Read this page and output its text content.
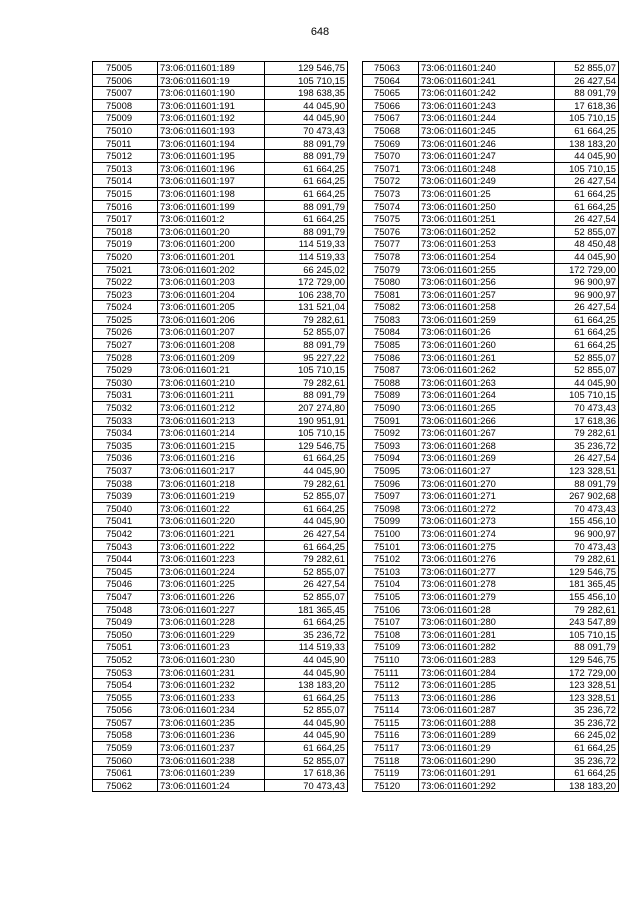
648
75005	73:06:011601:189	129 546,75
75006	73:06:011601:19	105 710,15
75007	73:06:011601:190	198 638,35
75008	73:06:011601:191	44 045,90
75009	73:06:011601:192	44 045,90
75010	73:06:011601:193	70 473,43
75011	73:06:011601:194	88 091,79
75012	73:06:011601:195	88 091,79
75013	73:06:011601:196	61 664,25
75014	73:06:011601:197	61 664,25
75015	73:06:011601:198	61 664,25
75016	73:06:011601:199	88 091,79
75017	73:06:011601:2	61 664,25
75018	73:06:011601:20	88 091,79
75019	73:06:011601:200	114 519,33
75020	73:06:011601:201	114 519,33
75021	73:06:011601:202	66 245,02
75022	73:06:011601:203	172 729,00
75023	73:06:011601:204	106 238,70
75024	73:06:011601:205	131 521,04
75025	73:06:011601:206	79 282,61
75026	73:06:011601:207	52 855,07
75027	73:06:011601:208	88 091,79
75028	73:06:011601:209	95 227,22
75029	73:06:011601:21	105 710,15
75030	73:06:011601:210	79 282,61
75031	73:06:011601:211	88 091,79
75032	73:06:011601:212	207 274,80
75033	73:06:011601:213	190 951,91
75034	73:06:011601:214	105 710,15
75035	73:06:011601:215	129 546,75
75036	73:06:011601:216	61 664,25
75037	73:06:011601:217	44 045,90
75038	73:06:011601:218	79 282,61
75039	73:06:011601:219	52 855,07
75040	73:06:011601:22	61 664,25
75041	73:06:011601:220	44 045,90
75042	73:06:011601:221	26 427,54
75043	73:06:011601:222	61 664,25
75044	73:06:011601:223	79 282,61
75045	73:06:011601:224	52 855,07
75046	73:06:011601:225	26 427,54
75047	73:06:011601:226	52 855,07
75048	73:06:011601:227	181 365,45
75049	73:06:011601:228	61 664,25
75050	73:06:011601:229	35 236,72
75051	73:06:011601:23	114 519,33
75052	73:06:011601:230	44 045,90
75053	73:06:011601:231	44 045,90
75054	73:06:011601:232	138 183,20
75055	73:06:011601:233	61 664,25
75056	73:06:011601:234	52 855,07
75057	73:06:011601:235	44 045,90
75058	73:06:011601:236	44 045,90
75059	73:06:011601:237	61 664,25
75060	73:06:011601:238	52 855,07
75061	73:06:011601:239	17 618,36
75062	73:06:011601:24	70 473,43
75063	73:06:011601:240	52 855,07
75064	73:06:011601:241	26 427,54
75065	73:06:011601:242	88 091,79
75066	73:06:011601:243	17 618,36
75067	73:06:011601:244	105 710,15
75068	73:06:011601:245	61 664,25
75069	73:06:011601:246	138 183,20
75070	73:06:011601:247	44 045,90
75071	73:06:011601:248	105 710,15
75072	73:06:011601:249	26 427,54
75073	73:06:011601:25	61 664,25
75074	73:06:011601:250	61 664,25
75075	73:06:011601:251	26 427,54
75076	73:06:011601:252	52 855,07
75077	73:06:011601:253	48 450,48
75078	73:06:011601:254	44 045,90
75079	73:06:011601:255	172 729,00
75080	73:06:011601:256	96 900,97
75081	73:06:011601:257	96 900,97
75082	73:06:011601:258	26 427,54
75083	73:06:011601:259	61 664,25
75084	73:06:011601:26	61 664,25
75085	73:06:011601:260	61 664,25
75086	73:06:011601:261	52 855,07
75087	73:06:011601:262	52 855,07
75088	73:06:011601:263	44 045,90
75089	73:06:011601:264	105 710,15
75090	73:06:011601:265	70 473,43
75091	73:06:011601:266	17 618,36
75092	73:06:011601:267	79 282,61
75093	73:06:011601:268	35 236,72
75094	73:06:011601:269	26 427,54
75095	73:06:011601:27	123 328,51
75096	73:06:011601:270	88 091,79
75097	73:06:011601:271	267 902,68
75098	73:06:011601:272	70 473,43
75099	73:06:011601:273	155 456,10
75100	73:06:011601:274	96 900,97
75101	73:06:011601:275	70 473,43
75102	73:06:011601:276	79 282,61
75103	73:06:011601:277	129 546,75
75104	73:06:011601:278	181 365,45
75105	73:06:011601:279	155 456,10
75106	73:06:011601:28	79 282,61
75107	73:06:011601:280	243 547,89
75108	73:06:011601:281	105 710,15
75109	73:06:011601:282	88 091,79
75110	73:06:011601:283	129 546,75
75111	73:06:011601:284	172 729,00
75112	73:06:011601:285	123 328,51
75113	73:06:011601:286	123 328,51
75114	73:06:011601:287	35 236,72
75115	73:06:011601:288	35 236,72
75116	73:06:011601:289	66 245,02
75117	73:06:011601:29	61 664,25
75118	73:06:011601:290	35 236,72
75119	73:06:011601:291	61 664,25
75120	73:06:011601:292	138 183,20
